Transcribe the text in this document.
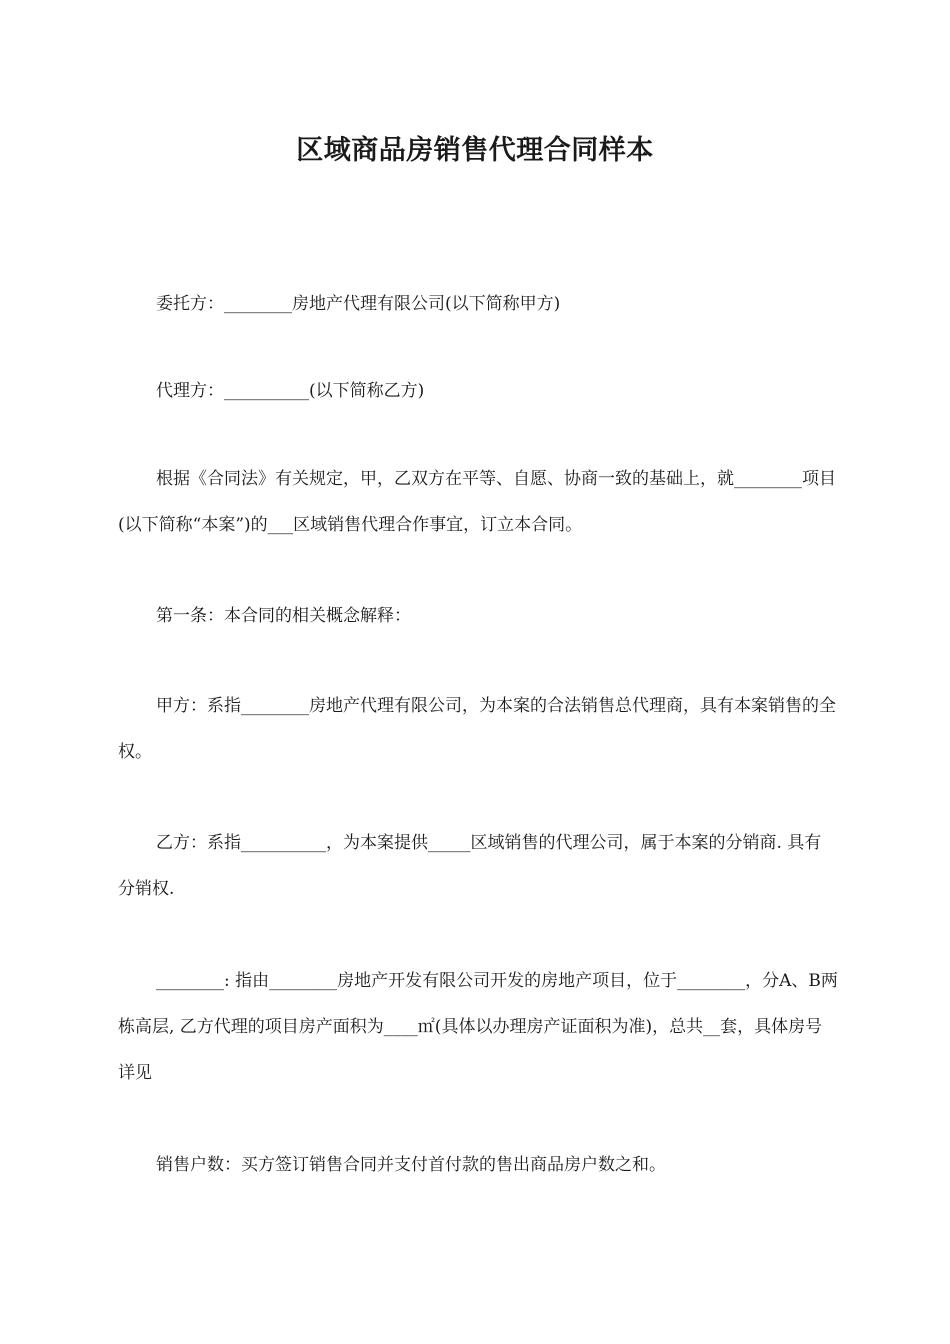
区域商品房销售代理合同样本

委托方：________房地产代理有限公司(以下简称甲方)

代理方：__________(以下简称乙方)

根据《合同法》有关规定，甲，乙双方在平等、自愿、协商一致的基础上，就________项目(以下简称“本案”)的___区域销售代理合作事宜，订立本合同。

第一条：本合同的相关概念解释：

甲方：系指________房地产代理有限公司，为本案的合法销售总代理商，具有本案销售的全权。

乙方：系指__________，为本案提供_____区域销售的代理公司，属于本案的分销商. 具有分销权.

________: 指由________房地产开发有限公司开发的房地产项目，位于________，分A、B两栋高层, 乙方代理的项目房产面积为____㎡(具体以办理房产证面积为准)，总共__套，具体房号详见

销售户数：买方签订销售合同并支付首付款的售出商品房户数之和。
